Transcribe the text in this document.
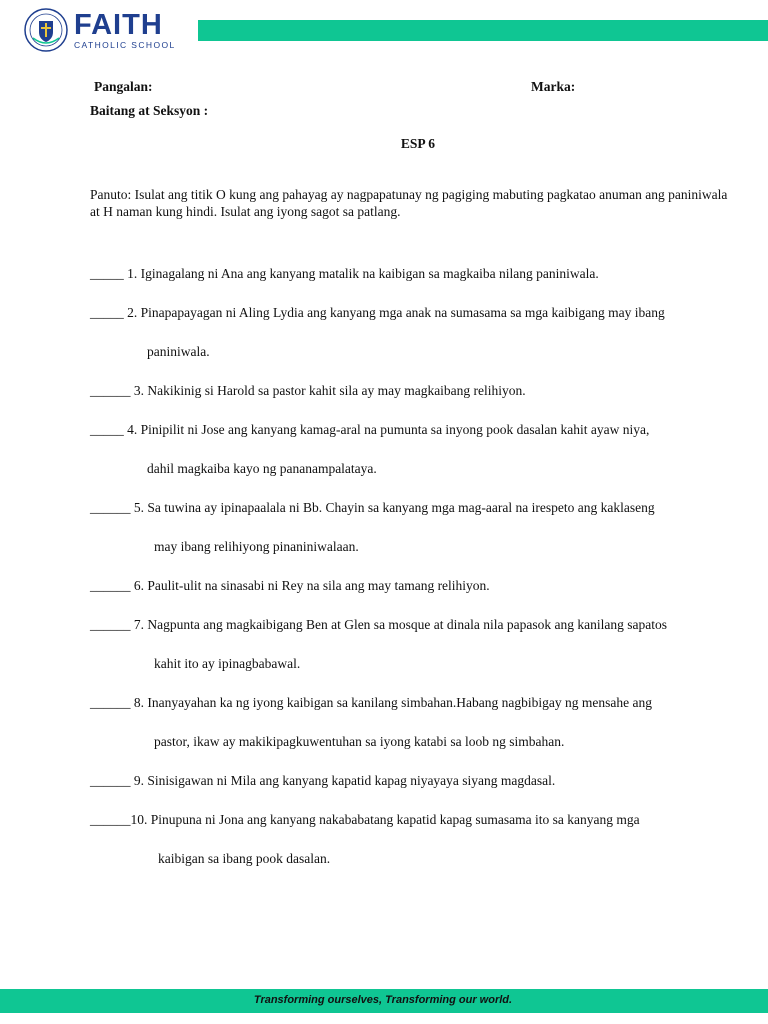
FAITH
CATHOLIC SCHOOL
Pangalan:	Marka:
Baitang at Seksyon :
ESP 6
Panuto: Isulat ang titik O kung ang pahayag ay nagpapatunay ng pagiging mabuting pagkatao anuman ang paniniwala at H naman kung hindi. Isulat ang iyong sagot sa patlang.
_____ 1. Iginagalang ni Ana ang kanyang matalik na kaibigan sa magkaiba nilang paniniwala.
_____ 2. Pinapapayagan ni Aling Lydia ang kanyang mga anak na sumasama sa mga kaibigang may ibang
paniniwala.
______ 3. Nakikinig si Harold sa pastor kahit sila ay may magkaibang relihiyon.
_____ 4. Pinipilit ni Jose ang kanyang kamag-aral na pumunta sa inyong pook dasalan kahit ayaw niya,
dahil magkaiba kayo ng pananampalataya.
______ 5. Sa tuwina ay ipinapaalala ni Bb. Chayin sa kanyang mga mag-aaral na irespeto ang kaklaseng
may ibang relihiyong pinaniniwalaan.
______ 6. Paulit-ulit na sinasabi ni Rey na sila ang may tamang relihiyon.
______ 7. Nagpunta ang magkaibigang Ben at Glen sa mosque at dinala nila papasok ang kanilang sapatos
kahit ito ay ipinagbabawal.
______ 8. Inanyayahan ka ng iyong kaibigan sa kanilang simbahan.Habang nagbibigay ng mensahe ang
pastor, ikaw ay makikipagkuwentuhan sa iyong katabi sa loob ng simbahan.
______ 9. Sinisigawan ni Mila ang kanyang kapatid kapag niyayaya siyang magdasal.
______10. Pinupuna ni Jona ang kanyang nakababatang kapatid kapag sumasama ito sa kanyang mga
kaibigan sa ibang pook dasalan.
Transforming ourselves, Transforming our world.
